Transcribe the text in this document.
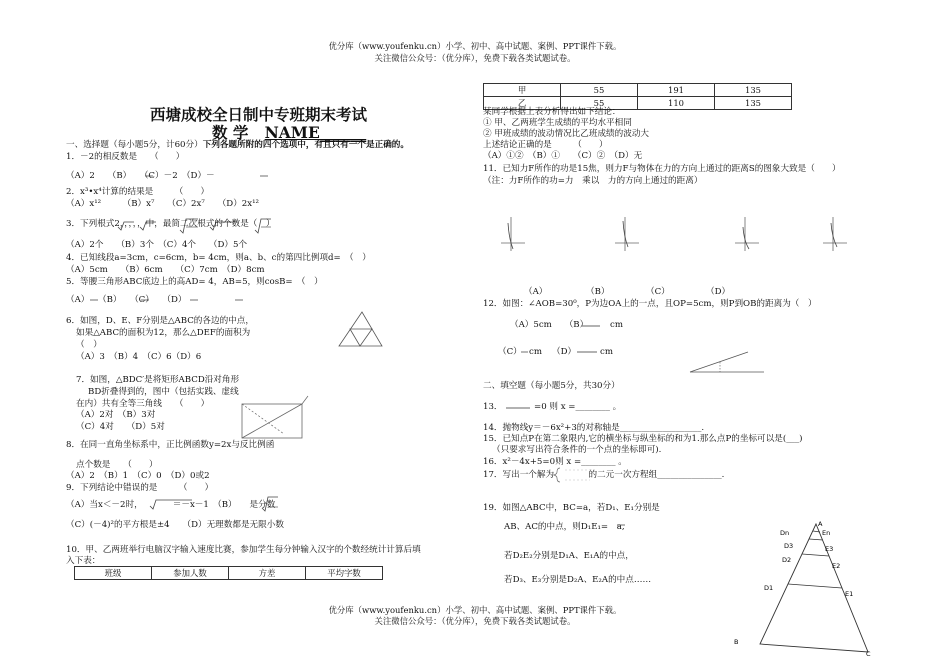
优分库（www.youfenku.cn）小学、初中、高中试题、案例、PPT课件下载。
关注微信公众号：（优分库），免费下载各类试题试卷。
西塘成校全日制中专班期末考试
数 学 NAME______
一、选择题（每小题5分，计60分）下列各题所附的四个选项中，有且只有一个是正确的。
1．－2的相反数是　　（　　）
（A）2　　（B）　　（C）－2　（D）－
2．x³•x⁴计算的结果是　　　（　　）
（A）x¹²　　　（B）x⁷　　（C）2x⁷　　（D）2x¹²
3．下列根式2，，，，，中，最简二次根式的个数是（　）
（A）2个　　（B）3个　（C）4个　　（D）5个
4．已知线段a=3cm，c=6cm，b= 4cm，则a、b、c的第四比例项d=　（　）
（A）5cm　　（B）6cm　　（C）7cm　（D）8cm
5．等腰三角形ABC底边上的高AD= 4，AB=5，则cosB=　（　）
（A）　　（B）　　（C）　　（D）
6．如图，D、E、F分别是△ABC的各边的中点，
如果△ABC的面积为12，那么△DEF的面积为
（　）
（A）3　（B）4　（C）6（D）6
7．如图，△BDC′是将矩形ABCD沿对角形
BD折叠得到的，图中（包括实践、虚线
在内）共有全等三角线　　（　　）
（A）2对　（B）3对
（C）4对　　（D）5对
8．在同一直角坐标系中，正比例函数y=2x与反比例函
点个数是　　（　　）
（A）2　（B）1　（C）0　（D）0或2
9．下列结论中错误的是　　　（　　）
（A）当x＜－2时，　　　　＝－x－1　（B）　　是分数
（C）(－4)²的平方根是±4　　（D）无理数都是无限小数
10．甲、乙两班举行电脑汉字输入速度比赛，参加学生每分钟输入汉字的个数经统计计算后填
入下表：
班级	参加人数	方差	平均字数
甲	55	191	135
乙	55	110	135
某同学根据上表分析得出如下结论：
① 甲、乙两班学生成绩的平均水平相同
② 甲班成绩的波动情况比乙班成绩的波动大
上述结论正确的是　　　（　　）
（A）①②　（B）①　　（C）②　（D）无
11．已知力F所作的功是15焦，则力F与物体在力的方向上通过的距离S的图象大致是（　　）
（注：力F所作的功=力　乘以　力的方向上通过的距离）
（A）	（B）	（C）	（D）
12．如图：∠AOB=30⁰，P为边OA上的一点，且OP=5cm，则P到OB的距离为（　）
（A）5cm　　（B）	cm
（C） cm （D）	cm
二、填空题（每小题5分，共30分）
13．	=0 则 x =________ 。
14．抛物线y＝－6x²+3的对称轴是___________________.
15．已知点P在第二象限内,它的横坐标与纵坐标的和为1.那么点P的坐标可以是(___)
（只要求写出符合条件的一个点的坐标即可).
16．x²－4x+5=0则 x =________ 。
17．写出一个解为　　　　的二元一次方程组_______________.
19．如图△ABC中，BC=a，若D₁、E₁分别是
AB、AC的中点，则D₁E₁=　a,
若D₂E₂分别是D₁A、E₁A的中点，
若D₃、E₃分别是D₂A、E₂A的中点……
A
Dn	En
D3	E3
D2
E2
D1
E1
B
C
优分库（www.youfenku.cn）小学、初中、高中试题、案例、PPT课件下载。
关注微信公众号：（优分库），免费下载各类试题试卷。
